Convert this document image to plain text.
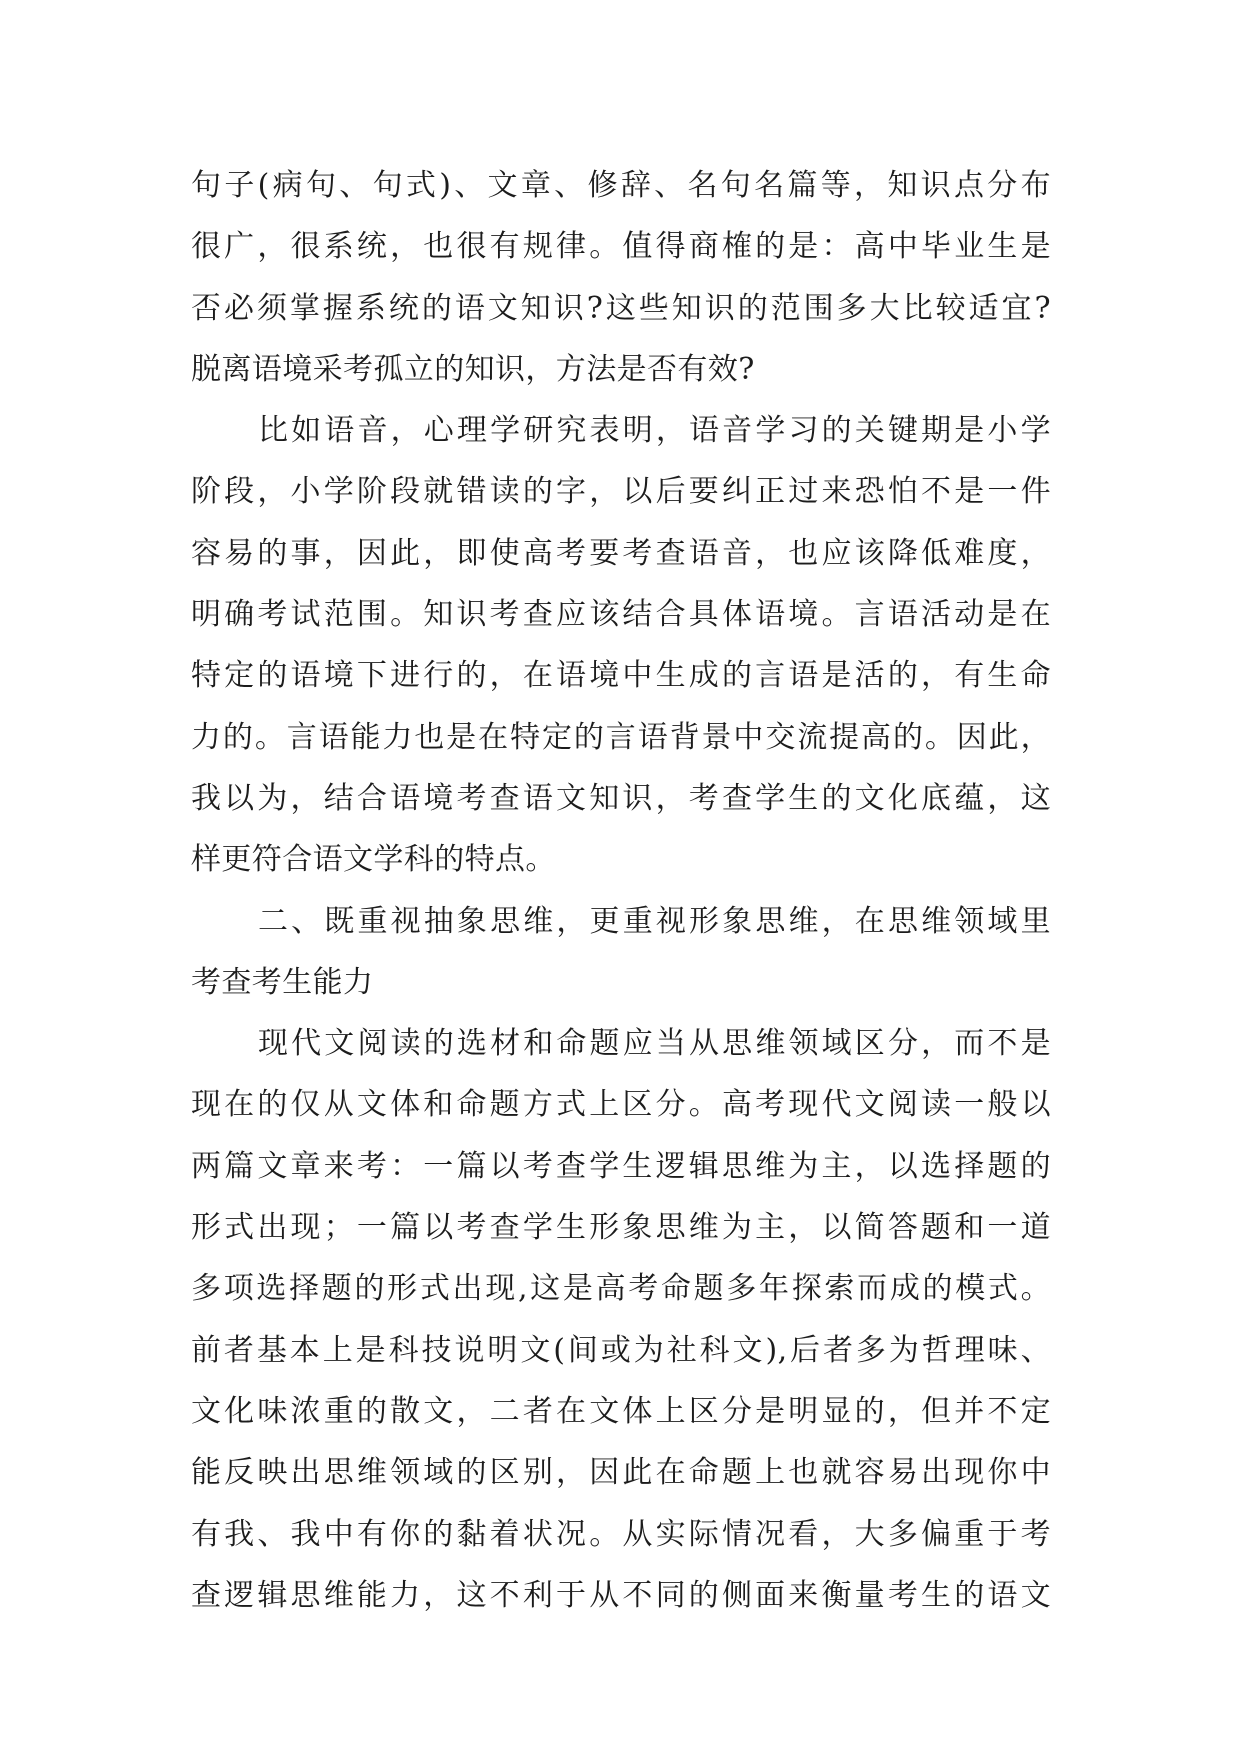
句子(病句、句式)、文章、修辞、名句名篇等，知识点分布
很广，很系统，也很有规律。值得商榷的是：高中毕业生是
否必须掌握系统的语文知识?这些知识的范围多大比较适宜?
脱离语境采考孤立的知识，方法是否有效?
比如语音，心理学研究表明，语音学习的关键期是小学
阶段，小学阶段就错读的字，以后要纠正过来恐怕不是一件
容易的事，因此，即使高考要考查语音，也应该降低难度，
明确考试范围。知识考查应该结合具体语境。言语活动是在
特定的语境下进行的，在语境中生成的言语是活的，有生命
力的。言语能力也是在特定的言语背景中交流提高的。因此，
我以为，结合语境考查语文知识，考查学生的文化底蕴，这
样更符合语文学科的特点。
二、既重视抽象思维，更重视形象思维，在思维领域里
考查考生能力
现代文阅读的选材和命题应当从思维领域区分，而不是
现在的仅从文体和命题方式上区分。高考现代文阅读一般以
两篇文章来考：一篇以考查学生逻辑思维为主，以选择题的
形式出现；一篇以考查学生形象思维为主，以简答题和一道
多项选择题的形式出现,这是高考命题多年探索而成的模式。
前者基本上是科技说明文(间或为社科文),后者多为哲理味、
文化味浓重的散文，二者在文体上区分是明显的，但并不定
能反映出思维领域的区别，因此在命题上也就容易出现你中
有我、我中有你的黏着状况。从实际情况看，大多偏重于考
查逻辑思维能力，这不利于从不同的侧面来衡量考生的语文
